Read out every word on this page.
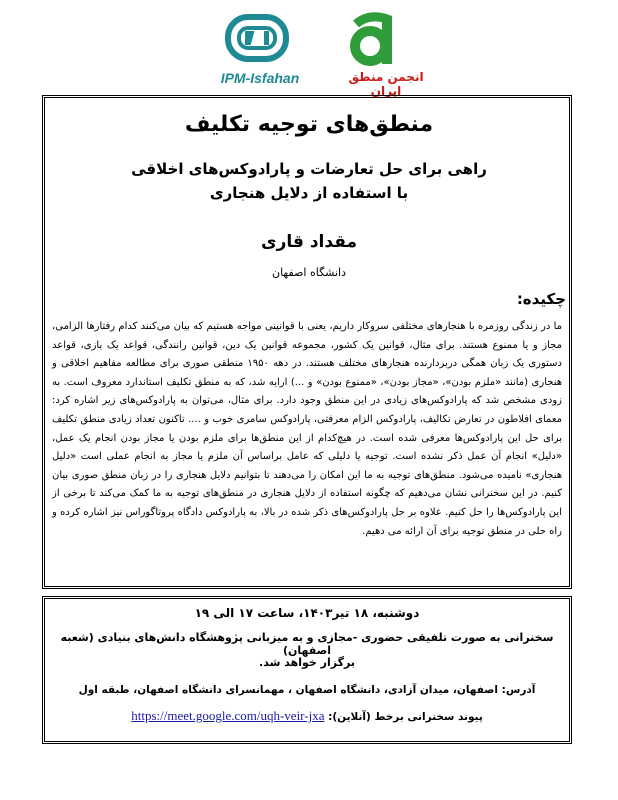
IPM-Isfahan	انجمن منطق ایران
منطق‌های توجیه تکلیف
راهی برای حل تعارضات و پارادوکس‌های اخلاقی
با استفاده از دلایل هنجاری
مقداد قاری
دانشگاه اصفهان
چکیده:
ما در زندگی روزمره با هنجارهای مختلفی سروکار داریم، یعنی با قوانینی مواجه هستیم که بیان می‌کنند کدام رفتارها الزامی، مجاز و یا ممنوع هستند. برای مثال، قوانین یک کشور، مجموعه قوانین یک دین، قوانین رانندگی، قواعد یک بازی، قواعد دستوری یک زبان همگی دربردارنده هنجارهای مختلف هستند. در دهه ۱۹۵۰ منطقی صوری برای مطالعه مفاهیم اخلاقی و هنجاری (مانند «ملزم بودن»، «مجاز بودن»، «ممنوع بودن» و ...) ارایه شد، که به منطق تکلیف استاندارد معروف است. به زودی مشخص شد که پارادوکس‌های زیادی در این منطق وجود دارد. برای مثال، می‌توان به پارادوکس‌های زیر اشاره کرد: معمای افلاطون در تعارض تکالیف، پارادوکس الزام معرفتی، پارادوکس سامری خوب و .... تاکنون تعداد زیادی منطق تکلیف برای حل این پارادوکس‌ها معرفی شده است. در هیچ‌کدام از این منطق‌ها برای ملزم بودن یا مجاز بودن انجام یک عمل، «دلیل» انجام آن عمل ذکر نشده است. توجیه یا دلیلی که عامل براساس آن ملزم یا مجاز به انجام عملی است «دلیل هنجاری» نامیده می‌شود. منطق‌های توجیه به ما این امکان را می‌دهند تا بتوانیم دلایل هنجاری را در زبان منطق صوری بیان کنیم. در این سخنرانی نشان می‌دهیم که چگونه استفاده از دلایل هنجاری در منطق‌های توجیه به ما کمک می‌کند تا برخی از این پارادوکس‌ها را حل کنیم. علاوه بر حل پارادوکس‌های ذکر شده در بالا، به پارادوکس دادگاه پروتاگوراس نیز اشاره کرده و راه حلی در منطق توجیه برای آن ارائه می دهیم.
دوشنبه، ۱۸ تیر۱۴۰۳، ساعت ۱۷ الی ۱۹
سخنرانی به صورت تلفیقی حضوری -مجازی و به میزبانی پژوهشگاه دانش‌های بنیادی (شعبه اصفهان)
برگزار خواهد شد.
آدرس: اصفهان، میدان آزادی، دانشگاه اصفهان ، مهمانسرای دانشگاه اصفهان، طبقه اول
پیوند سخنرانی برخط (آنلاین): https://meet.google.com/uqh-veir-jxa
